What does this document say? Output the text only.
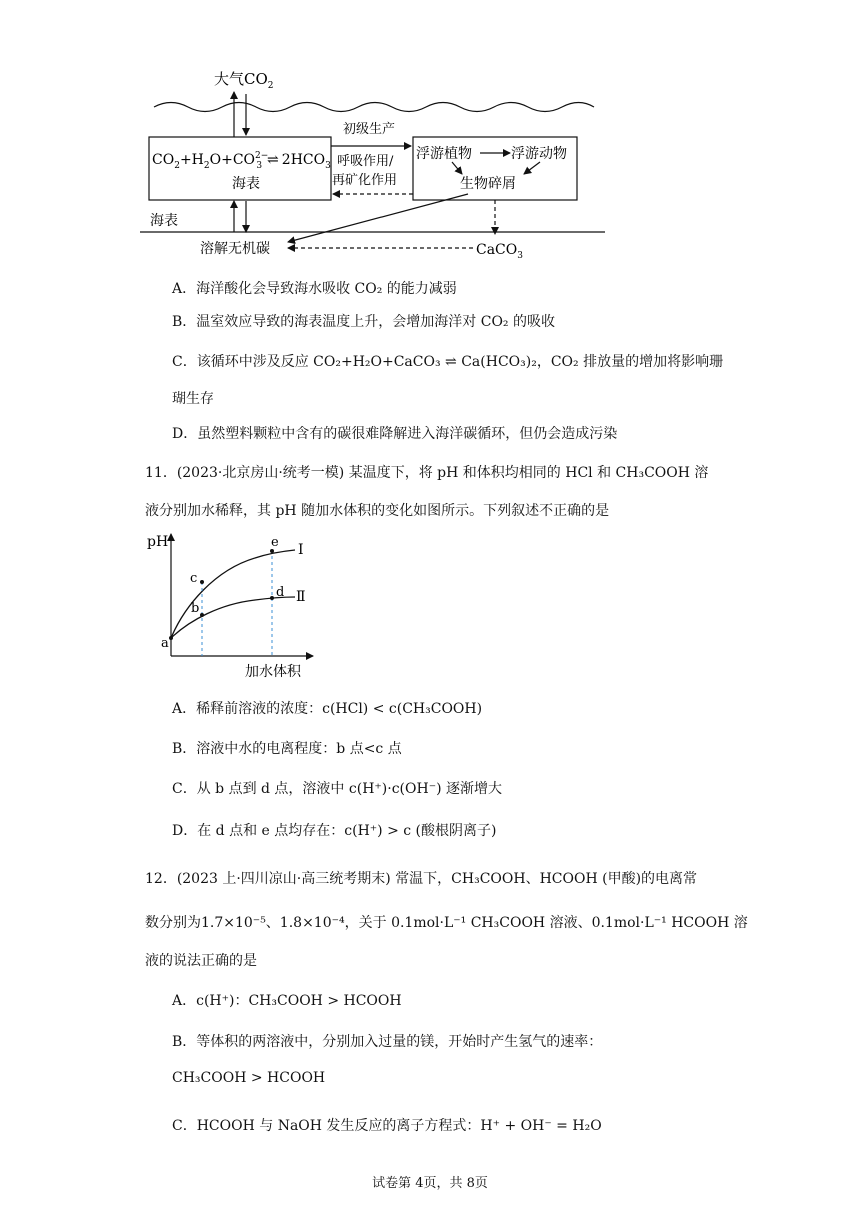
大气$CO_2$
$CO_2+H_2O+CO^{2-}$ 3 ⇌ $2HCO_3$
海表
浮游植物	浮游动物
生物碎屑
初级生产
呼吸作用/
再矿化作用
海表
溶解无机碳	CaCO$_3$
A．海洋酸化会导致海水吸收 CO₂ 的能力减弱
B．温室效应导致的海表温度上升，会增加海洋对 CO₂ 的吸收
C．该循环中涉及反应 CO₂+H₂O+CaCO₃ ⇌ Ca(HCO₃)₂，CO₂ 排放量的增加将影响珊
瑚生存
D．虽然塑料颗粒中含有的碳很难降解进入海洋碳循环，但仍会造成污染
11．(2023·北京房山·统考一模) 某温度下，将 pH 和体积均相同的 HCl 和 CH₃COOH 溶
液分别加水稀释，其 pH 随加水体积的变化如图所示。下列叙述不正确的是
pH
加水体积
a
b
c
d
e Ⅰ
Ⅱ
A．稀释前溶液的浓度：c(HCl) < c(CH₃COOH)
B．溶液中水的电离程度：b 点<c 点
C．从 b 点到 d 点，溶液中 c(H⁺)·c(OH⁻) 逐渐增大
D．在 d 点和 e 点均存在：c(H⁺) > c (酸根阴离子)
12．(2023 上·四川凉山·高三统考期末) 常温下，CH₃COOH、HCOOH (甲酸)的电离常
数分别为1.7×10⁻⁵、1.8×10⁻⁴，关于 0.1mol·L⁻¹ CH₃COOH 溶液、0.1mol·L⁻¹ HCOOH 溶
液的说法正确的是
A．c(H⁺)：CH₃COOH > HCOOH
B．等体积的两溶液中，分别加入过量的镁，开始时产生氢气的速率：
CH₃COOH > HCOOH
C．HCOOH 与 NaOH 发生反应的离子方程式：H⁺ + OH⁻ = H₂O
试卷第 4页，共 8页
